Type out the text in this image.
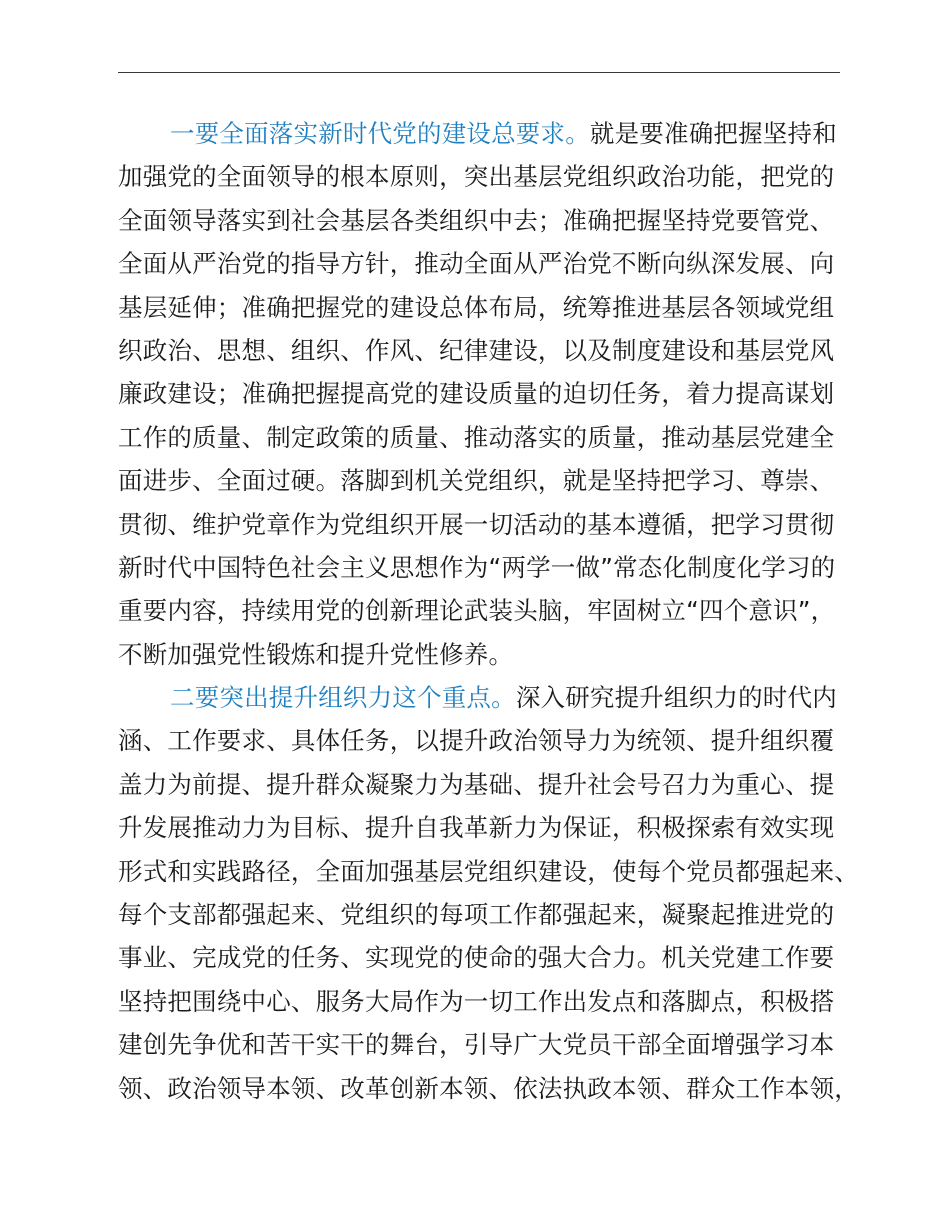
一要全面落实新时代党的建设总要求。就是要准确把握坚持和
加强党的全面领导的根本原则，突出基层党组织政治功能，把党的
全面领导落实到社会基层各类组织中去；准确把握坚持党要管党、
全面从严治党的指导方针，推动全面从严治党不断向纵深发展、向
基层延伸；准确把握党的建设总体布局，统筹推进基层各领域党组
织政治、思想、组织、作风、纪律建设，以及制度建设和基层党风
廉政建设；准确把握提高党的建设质量的迫切任务，着力提高谋划
工作的质量、制定政策的质量、推动落实的质量，推动基层党建全
面进步、全面过硬。落脚到机关党组织，就是坚持把学习、尊崇、
贯彻、维护党章作为党组织开展一切活动的基本遵循，把学习贯彻
新时代中国特色社会主义思想作为“两学一做”常态化制度化学习的
重要内容，持续用党的创新理论武装头脑，牢固树立“四个意识”，
不断加强党性锻炼和提升党性修养。
二要突出提升组织力这个重点。深入研究提升组织力的时代内
涵、工作要求、具体任务，以提升政治领导力为统领、提升组织覆
盖力为前提、提升群众凝聚力为基础、提升社会号召力为重心、提
升发展推动力为目标、提升自我革新力为保证，积极探索有效实现
形式和实践路径，全面加强基层党组织建设，使每个党员都强起来、
每个支部都强起来、党组织的每项工作都强起来，凝聚起推进党的
事业、完成党的任务、实现党的使命的强大合力。机关党建工作要
坚持把围绕中心、服务大局作为一切工作出发点和落脚点，积极搭
建创先争优和苦干实干的舞台，引导广大党员干部全面增强学习本
领、政治领导本领、改革创新本领、依法执政本领、群众工作本领，
